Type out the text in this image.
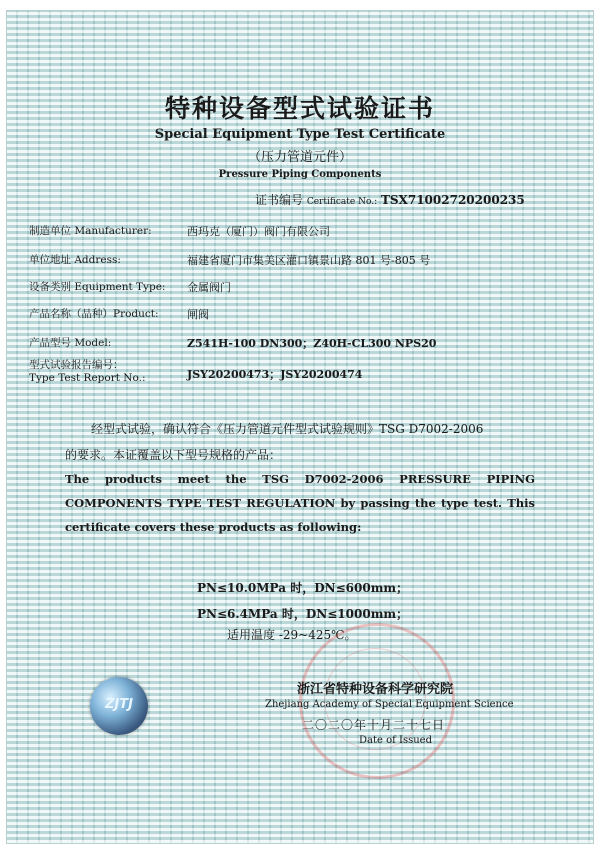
特种设备型式试验证书
Special Equipment Type Test Certificate
（压力管道元件）
Pressure Piping Components
证书编号 Certificate No.: TSX71002720200235
制造单位 Manufacturer:	西玛克（厦门）阀门有限公司
单位地址 Address:	福建省厦门市集美区灌口镇景山路 801 号-805 号
设备类别 Equipment Type: 金属阀门
产品名称（品种）Product:	闸阀
产品型号 Model:	Z541H-100 DN300；Z40H-CL300 NPS20
型式试验报告编号：
Type Test Report No.:	JSY20200473；JSY20200474
经型式试验，确认符合《压力管道元件型式试验规则》TSG D7002-2006
的要求。本证覆盖以下型号规格的产品：
The products meet the TSG D7002-2006 PRESSURE PIPING COMPONENTS TYPE TEST REGULATION by passing the type test. This certificate covers these products as following:
PN≤10.0MPa 时，DN≤600mm；
PN≤6.4MPa 时，DN≤1000mm；
适用温度 -29~425℃。
ZJTJ
浙江省特种设备科学研究院
Zhejiang Academy of Special Equipment Science
二〇二〇年十月二十七日
Date of Issued
